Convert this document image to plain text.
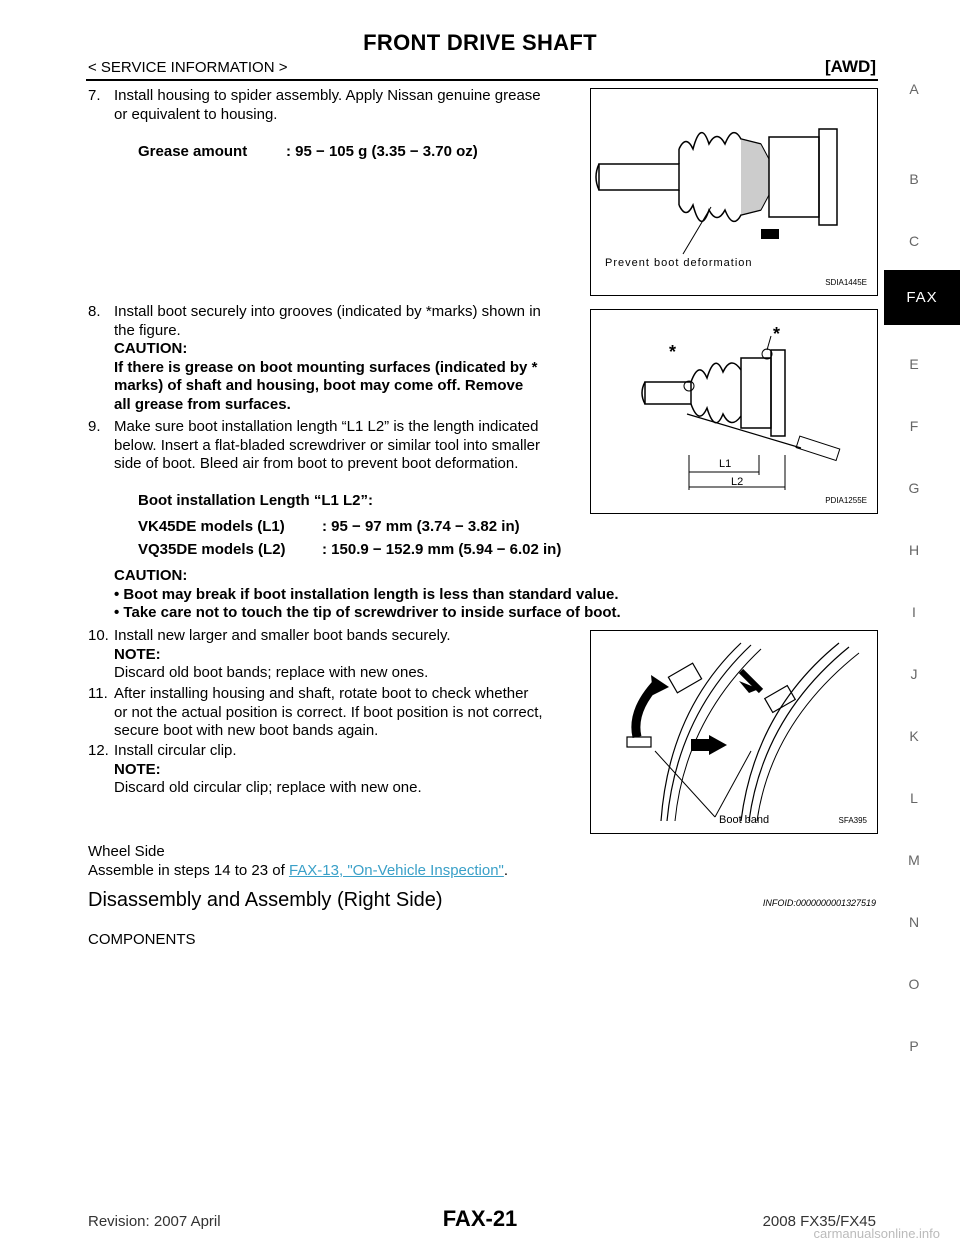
FRONT DRIVE SHAFT
< SERVICE INFORMATION >	[AWD]
A
B
C
FAX
E
F
G
H
I
J
K
L
M
N
O
P
7. Install housing to spider assembly. Apply Nissan genuine grease
or equivalent to housing.
Grease amount	: 95 − 105 g (3.35 − 3.70 oz)
Prevent boot deformation
SDIA1445E
8. Install boot securely into grooves (indicated by *marks) shown in
the figure.
CAUTION:
If there is grease on boot mounting surfaces (indicated by *
marks) of shaft and housing, boot may come off. Remove
all grease from surfaces.
*
*
L1
L2
PDIA1255E
9. Make sure boot installation length “L1 L2” is the length indicated
below. Insert a flat-bladed screwdriver or similar tool into smaller
side of boot. Bleed air from boot to prevent boot deformation.
Boot installation Length “L1 L2”:
VK45DE models (L1) : 95 − 97 mm (3.74 − 3.82 in)
VQ35DE models (L2) : 150.9 − 152.9 mm (5.94 − 6.02 in)
CAUTION:
• Boot may break if boot installation length is less than standard value.
• Take care not to touch the tip of screwdriver to inside surface of boot.
10. Install new larger and smaller boot bands securely.
NOTE:
Discard old boot bands; replace with new ones.
11. After installing housing and shaft, rotate boot to check whether
or not the actual position is correct. If boot position is not correct,
secure boot with new boot bands again.
12. Install circular clip.
NOTE:
Discard old circular clip; replace with new one.
Boot band	SFA395
Wheel Side
Assemble in steps 14 to 23 of FAX-13, "On-Vehicle Inspection".
Disassembly and Assembly (Right Side)	INFOID:0000000001327519
COMPONENTS
Revision: 2007 April	FAX-21	2008 FX35/FX45
carmanualsonline.info
